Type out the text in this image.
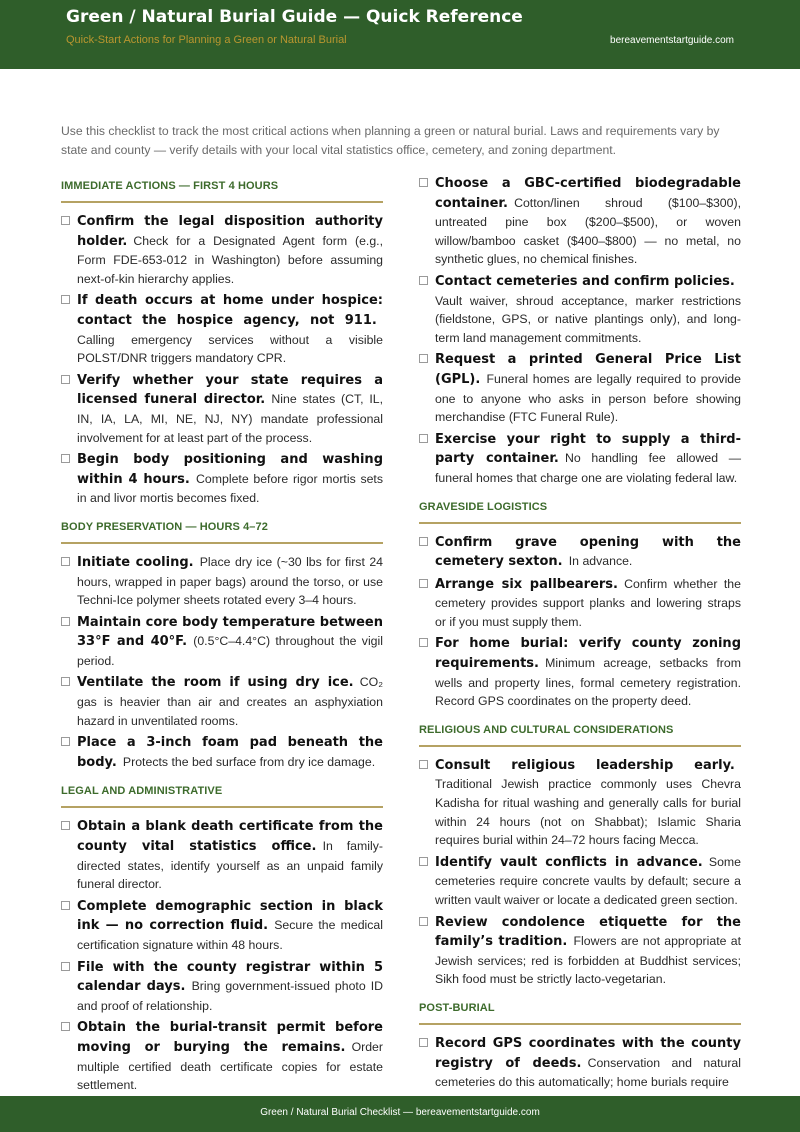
Green / Natural Burial Guide — Quick Reference
Quick-Start Actions for Planning a Green or Natural Burial	bereavementstartguide.com

Use this checklist to track the most critical actions when planning a green or natural burial. Laws and requirements vary by state and county — verify details with your local vital statistics office, cemetery, and zoning department.

IMMEDIATE ACTIONS — FIRST 4 HOURS
Confirm the legal disposition authority holder.  Check for a Designated Agent form (e.g., Form FDE-653-012 in Washington) before assuming next-of-kin hierarchy applies.
If death occurs at home under hospice: contact the hospice agency, not 911. Calling emergency services without a visible POLST/DNR triggers mandatory CPR.
Verify whether your state requires a licensed funeral director.  Nine states (CT, IL, IN, IA, LA, MI, NE, NJ, NY) mandate professional involvement for at least part of the process.
Begin body positioning and washing within 4 hours.  Complete before rigor mortis sets in and livor mortis becomes fixed.
BODY PRESERVATION — HOURS 4–72
Initiate cooling.  Place dry ice (~30 lbs for first 24 hours, wrapped in paper bags) around the torso, or use Techni-Ice polymer sheets rotated every 3–4 hours.
Maintain core body temperature between 33°F and 40°F.  (0.5°C–4.4°C) throughout the vigil period.
Ventilate the room if using dry ice.  CO₂ gas is heavier than air and creates an asphyxiation hazard in unventilated rooms.
Place a 3-inch foam pad beneath the body.  Protects the bed surface from dry ice damage.
LEGAL AND ADMINISTRATIVE
Obtain a blank death certificate from the county vital statistics office.  In family-directed states, identify yourself as an unpaid family funeral director.
Complete demographic section in black ink — no correction fluid.  Secure the medical certification signature within 48 hours.
File with the county registrar within 5 calendar days.  Bring government-issued photo ID and proof of relationship.
Obtain the burial-transit permit before moving or burying the remains.  Order multiple certified death certificate copies for estate settlement.
Choose a GBC-certified biodegradable container.  Cotton/linen shroud ($100–$300), untreated pine box ($200–$500), or woven willow/bamboo casket ($400–$800) — no metal, no synthetic glues, no chemical finishes.
Contact cemeteries and confirm policies. Vault waiver, shroud acceptance, marker restrictions (fieldstone, GPS, or native plantings only), and long-term land management commitments.
Request a printed General Price List (GPL).  Funeral homes are legally required to provide one to anyone who asks in person before showing merchandise (FTC Funeral Rule).
Exercise your right to supply a third-party container.  No handling fee allowed — funeral homes that charge one are violating federal law.
GRAVESIDE LOGISTICS
Confirm grave opening with the cemetery sexton.  In advance.
Arrange six pallbearers.  Confirm whether the cemetery provides support planks and lowering straps or if you must supply them.
For home burial: verify county zoning requirements.  Minimum acreage, setbacks from wells and property lines, formal cemetery registration. Record GPS coordinates on the property deed.
RELIGIOUS AND CULTURAL CONSIDERATIONS
Consult religious leadership early. Traditional Jewish practice commonly uses Chevra Kadisha for ritual washing and generally calls for burial within 24 hours (not on Shabbat); Islamic Sharia requires burial within 24–72 hours facing Mecca.
Identify vault conflicts in advance.  Some cemeteries require concrete vaults by default; secure a written vault waiver or locate a dedicated green section.
Review condolence etiquette for the family’s tradition.  Flowers are not appropriate at Jewish services; red is forbidden at Buddhist services; Sikh food must be strictly lacto-vegetarian.
POST-BURIAL
Record GPS coordinates with the county registry of deeds.  Conservation and natural cemeteries do this automatically; home burials require
Green / Natural Burial Checklist — bereavementstartguide.com
